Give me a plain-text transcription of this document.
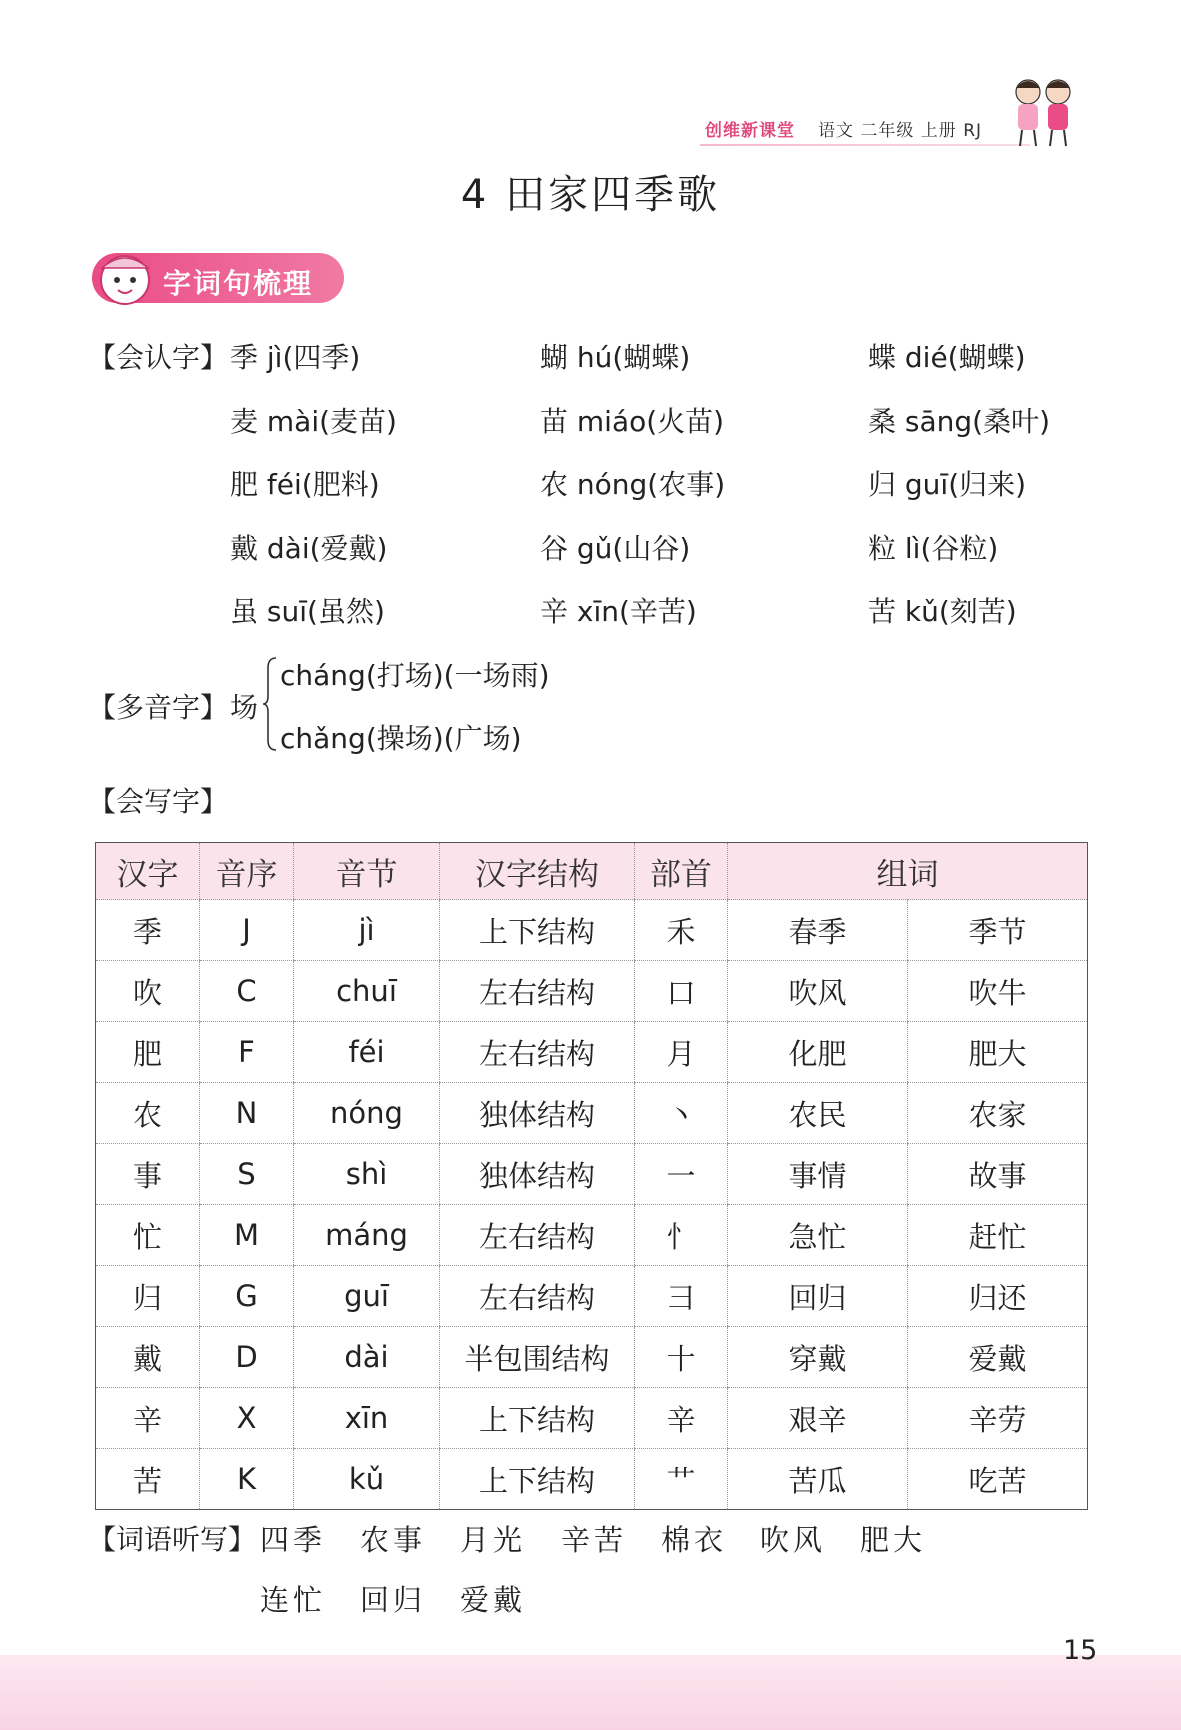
创维新课堂 语文 二年级 上册 RJ
4 田家四季歌
字词句梳理
【会认字】 季 jì(四季)	蝴 hú(蝴蝶)	蝶 dié(蝴蝶)
麦 mài(麦苗)	苗 miáo(火苗)	桑 sāng(桑叶)
肥 féi(肥料)	农 nóng(农事)	归 guī(归来)
戴 dài(爱戴)	谷 gǔ(山谷)	粒 lì(谷粒)
虽 suī(虽然)	辛 xīn(辛苦)	苦 kǔ(刻苦)
【多音字】 场
cháng(打场)(一场雨)
chǎng(操场)(广场)
【会写字】
汉字	音序	音节	汉字结构	部首	组词	
季	J	jì	上下结构	禾	春季	季节
吹	C	chuī	左右结构	口	吹风	吹牛
肥	F	féi	左右结构	月	化肥	肥大
农	N	nóng	独体结构	丶	农民	农家
事	S	shì	独体结构	一	事情	故事
忙	M	máng	左右结构	忄	急忙	赶忙
归	G	guī	左右结构	彐	回归	归还
戴	D	dài	半包围结构	十	穿戴	爱戴
辛	X	xīn	上下结构	辛	艰辛	辛劳
苦	K	kǔ	上下结构	艹	苦瓜	吃苦
【词语听写】 四季 农事 月光 辛苦 棉衣 吹风 肥大
连忙 回归 爱戴
15
